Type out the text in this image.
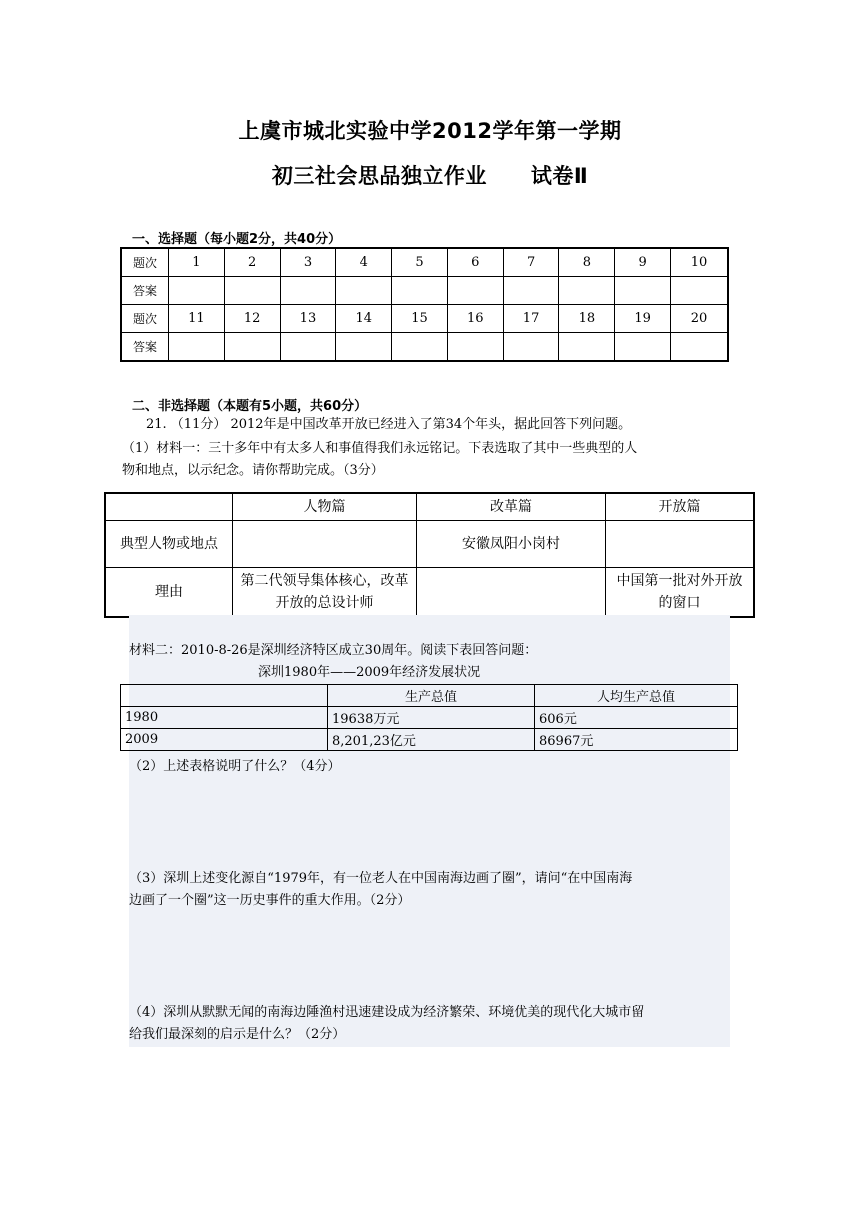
上虞市城北实验中学2012学年第一学期
初三社会思品独立作业 试卷Ⅱ
一、选择题（每小题2分，共40分）
题次	1	2	3	4	5	6	7	8	9	10
答案										
题次	11	12	13	14	15	16	17	18	19	20
答案										
二、非选择题（本题有5小题，共60分）
21. （11分） 2012年是中国改革开放已经进入了第34个年头，据此回答下列问题。
（1）材料一：三十多年中有太多人和事值得我们永远铭记。下表选取了其中一些典型的人
物和地点，以示纪念。请你帮助完成。（3分）
	人物篇	改革篇	开放篇
典型人物或地点		安徽凤阳小岗村	
理由	第二代领导集体核心，改革开放的总设计师		中国第一批对外开放的窗口
材料二：2010-8-26是深圳经济特区成立30周年。阅读下表回答问题：
深圳1980年——2009年经济发展状况
	生产总值	人均生产总值
1980	19638万元	606元
2009	8,201,23亿元	86967元
（2）上述表格说明了什么？（4分）
（3）深圳上述变化源自“1979年，有一位老人在中国南海边画了圈”，请问“在中国南海
边画了一个圈”这一历史事件的重大作用。（2分）
（4）深圳从默默无闻的南海边陲渔村迅速建设成为经济繁荣、环境优美的现代化大城市留
给我们最深刻的启示是什么？（2分）
